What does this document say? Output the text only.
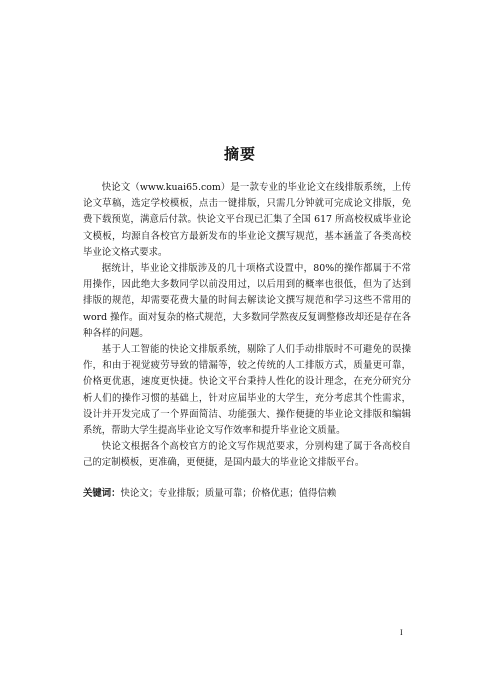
摘要

快论文（www.kuai65.com）是一款专业的毕业论文在线排版系统，上传论文草稿，选定学校模板，点击一键排版，只需几分钟就可完成论文排版，免费下载预览，满意后付款。快论文平台现已汇集了全国 617 所高校权威毕业论文模板，均源自各校官方最新发布的毕业论文撰写规范，基本涵盖了各类高校毕业论文格式要求。

据统计，毕业论文排版涉及的几十项格式设置中，80%的操作都属于不常用操作，因此绝大多数同学以前没用过，以后用到的概率也很低，但为了达到排版的规范，却需要花费大量的时间去解读论文撰写规范和学习这些不常用的 word 操作。面对复杂的格式规范，大多数同学熬夜反复调整修改却还是存在各种各样的问题。

基于人工智能的快论文排版系统，剔除了人们手动排版时不可避免的误操作，和由于视觉疲劳导致的错漏等，较之传统的人工排版方式，质量更可靠，价格更优惠，速度更快捷。快论文平台秉持人性化的设计理念，在充分研究分析人们的操作习惯的基础上，针对应届毕业的大学生，充分考虑其个性需求，设计并开发完成了一个界面简洁、功能强大、操作便捷的毕业论文排版和编辑系统，帮助大学生提高毕业论文写作效率和提升毕业论文质量。

快论文根据各个高校官方的论文写作规范要求，分别构建了属于各高校自己的定制模板，更准确，更便捷，是国内最大的毕业论文排版平台。

关键词：快论文；专业排版；质量可靠；价格优惠；值得信赖
I
